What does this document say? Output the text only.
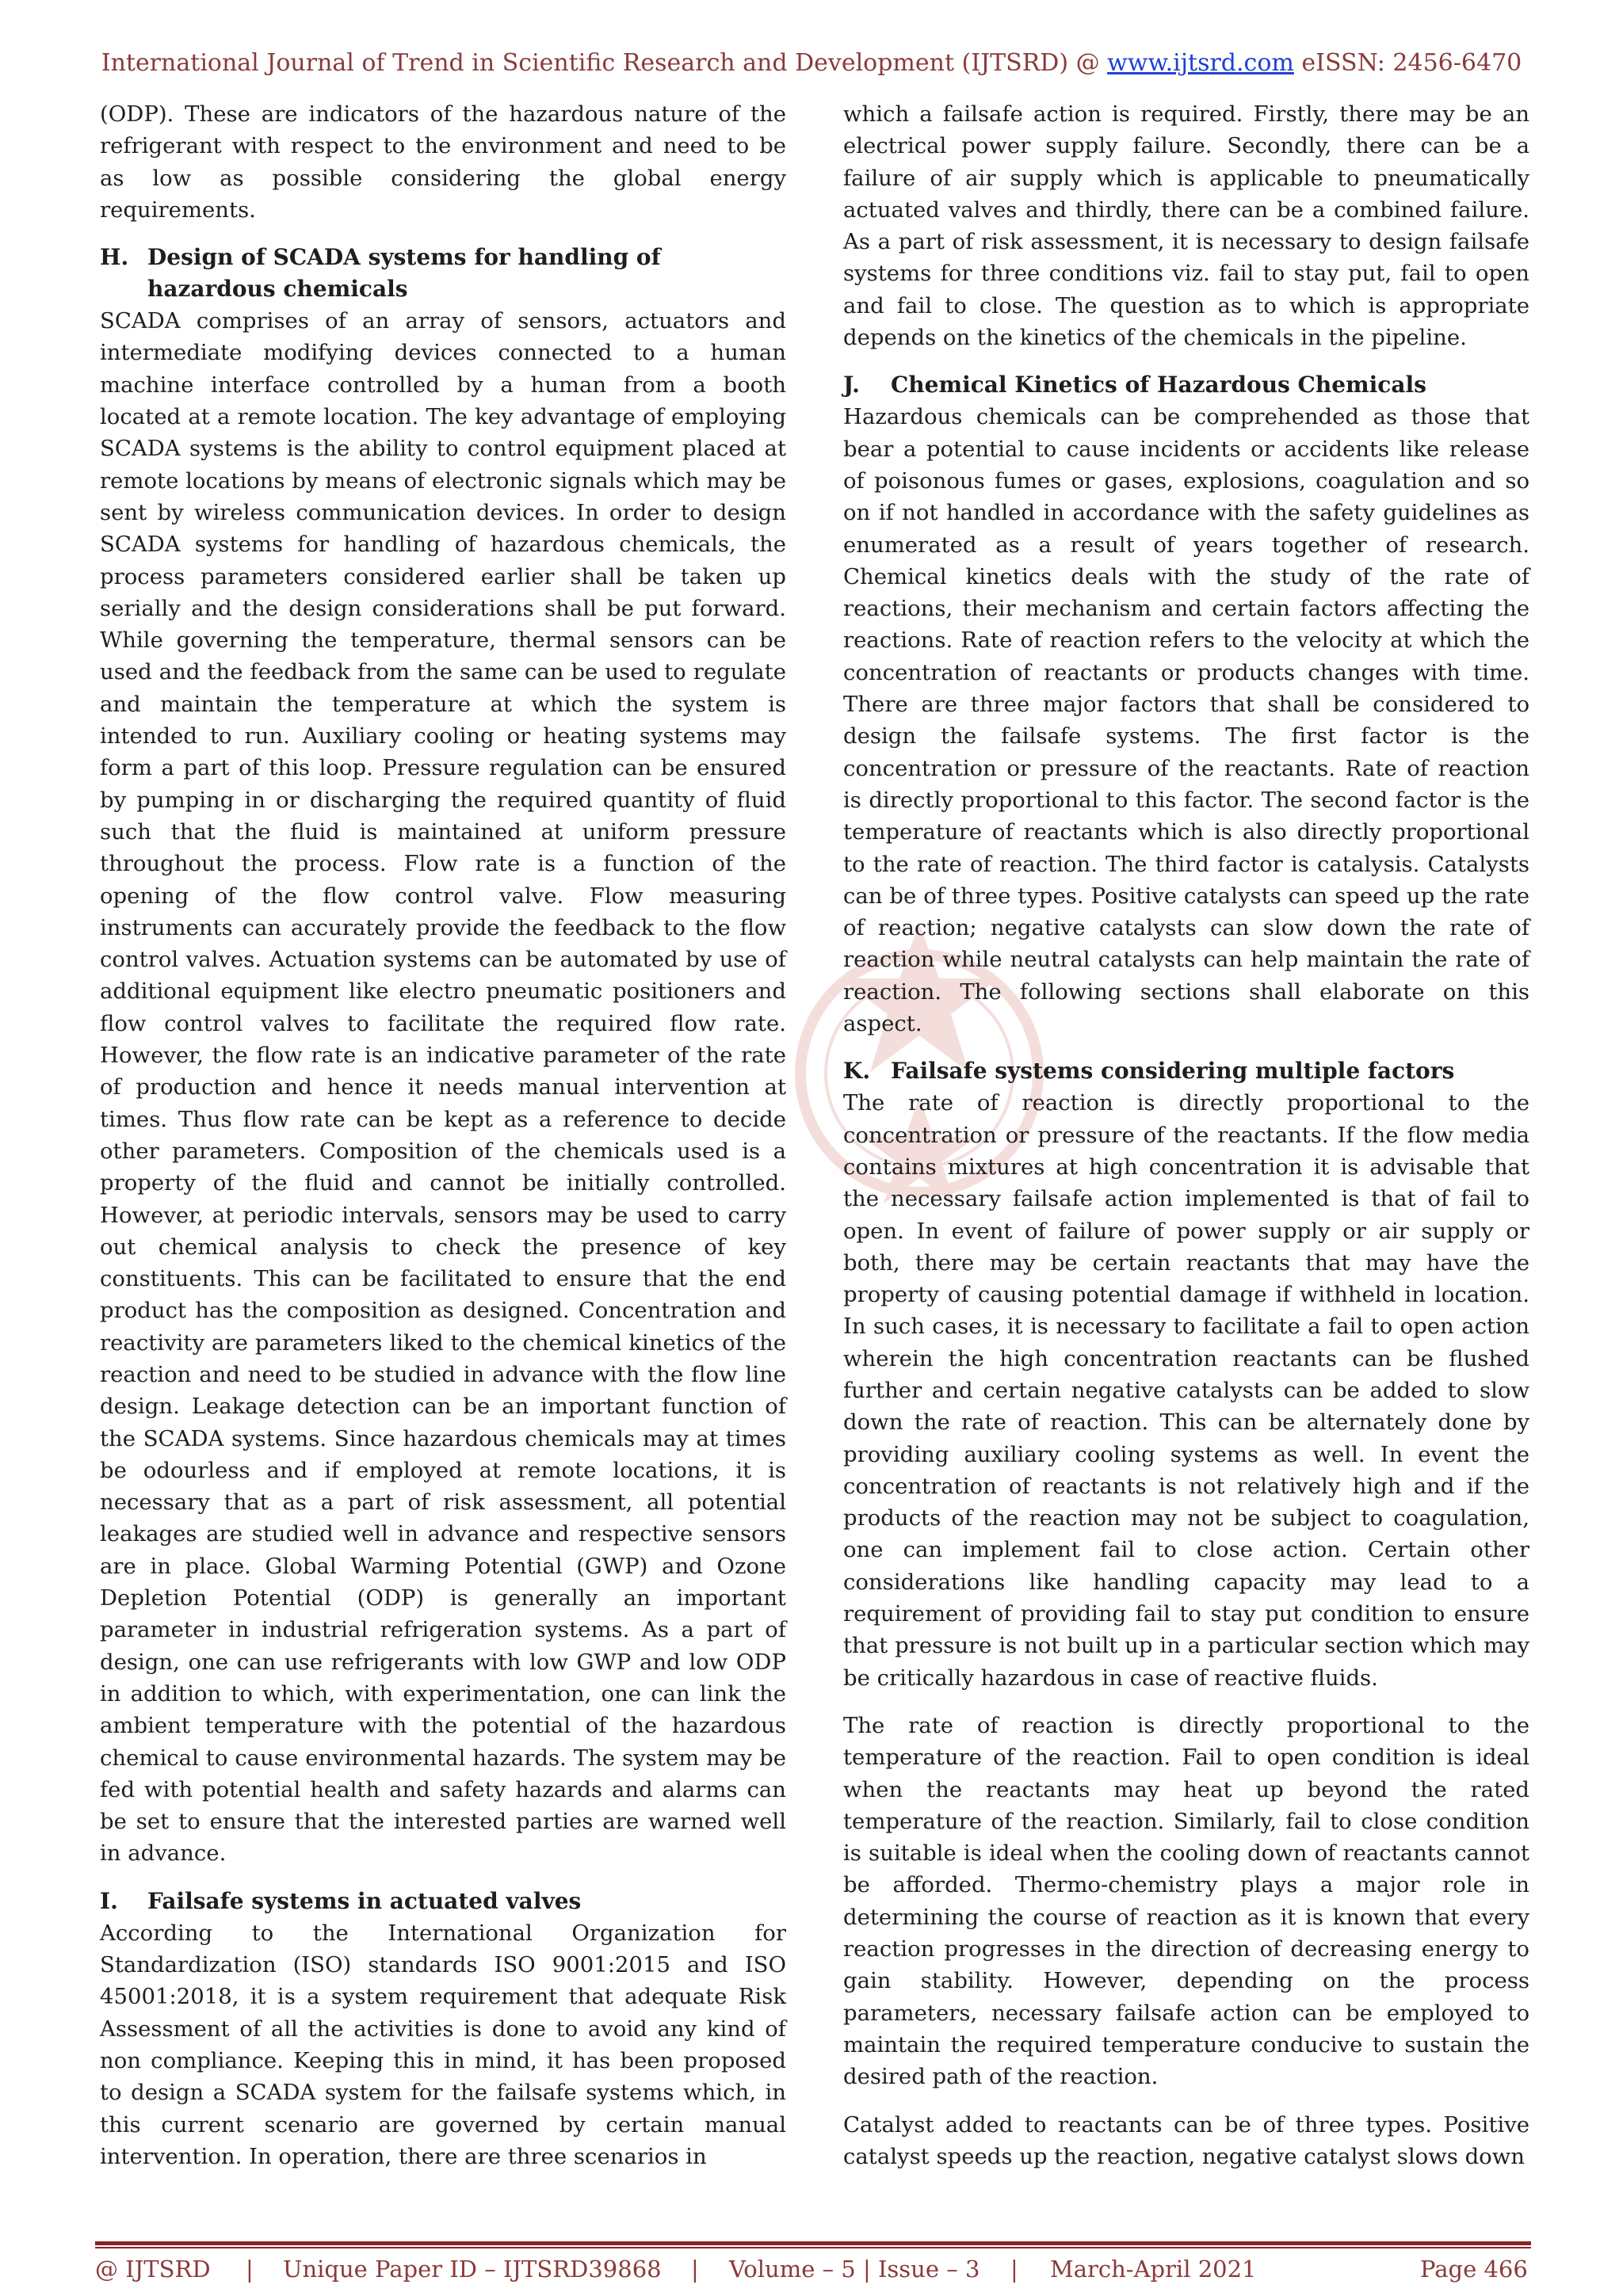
International Journal of Trend in Scientific Research and Development (IJTSRD) @ www.ijtsrd.com eISSN: 2456-6470

(ODP). These are indicators of the hazardous nature of the refrigerant with respect to the environment and need to be as low as possible considering the global energy requirements.

H. Design of SCADA systems for handling of hazardous chemicals

SCADA comprises of an array of sensors, actuators and intermediate modifying devices connected to a human machine interface controlled by a human from a booth located at a remote location. The key advantage of employing SCADA systems is the ability to control equipment placed at remote locations by means of electronic signals which may be sent by wireless communication devices. In order to design SCADA systems for handling of hazardous chemicals, the process parameters considered earlier shall be taken up serially and the design considerations shall be put forward. While governing the temperature, thermal sensors can be used and the feedback from the same can be used to regulate and maintain the temperature at which the system is intended to run. Auxiliary cooling or heating systems may form a part of this loop. Pressure regulation can be ensured by pumping in or discharging the required quantity of fluid such that the fluid is maintained at uniform pressure throughout the process. Flow rate is a function of the opening of the flow control valve. Flow measuring instruments can accurately provide the feedback to the flow control valves. Actuation systems can be automated by use of additional equipment like electro pneumatic positioners and flow control valves to facilitate the required flow rate. However, the flow rate is an indicative parameter of the rate of production and hence it needs manual intervention at times. Thus flow rate can be kept as a reference to decide other parameters. Composition of the chemicals used is a property of the fluid and cannot be initially controlled. However, at periodic intervals, sensors may be used to carry out chemical analysis to check the presence of key constituents. This can be facilitated to ensure that the end product has the composition as designed. Concentration and reactivity are parameters liked to the chemical kinetics of the reaction and need to be studied in advance with the flow line design. Leakage detection can be an important function of the SCADA systems. Since hazardous chemicals may at times be odourless and if employed at remote locations, it is necessary that as a part of risk assessment, all potential leakages are studied well in advance and respective sensors are in place. Global Warming Potential (GWP) and Ozone Depletion Potential (ODP) is generally an important parameter in industrial refrigeration systems. As a part of design, one can use refrigerants with low GWP and low ODP in addition to which, with experimentation, one can link the ambient temperature with the potential of the hazardous chemical to cause environmental hazards. The system may be fed with potential health and safety hazards and alarms can be set to ensure that the interested parties are warned well in advance.

I. Failsafe systems in actuated valves

According to the International Organization for Standardization (ISO) standards ISO 9001:2015 and ISO 45001:2018, it is a system requirement that adequate Risk Assessment of all the activities is done to avoid any kind of non compliance. Keeping this in mind, it has been proposed to design a SCADA system for the failsafe systems which, in this current scenario are governed by certain manual intervention. In operation, there are three scenarios in

which a failsafe action is required. Firstly, there may be an electrical power supply failure. Secondly, there can be a failure of air supply which is applicable to pneumatically actuated valves and thirdly, there can be a combined failure. As a part of risk assessment, it is necessary to design failsafe systems for three conditions viz. fail to stay put, fail to open and fail to close. The question as to which is appropriate depends on the kinetics of the chemicals in the pipeline.

J. Chemical Kinetics of Hazardous Chemicals

Hazardous chemicals can be comprehended as those that bear a potential to cause incidents or accidents like release of poisonous fumes or gases, explosions, coagulation and so on if not handled in accordance with the safety guidelines as enumerated as a result of years together of research. Chemical kinetics deals with the study of the rate of reactions, their mechanism and certain factors affecting the reactions. Rate of reaction refers to the velocity at which the concentration of reactants or products changes with time. There are three major factors that shall be considered to design the failsafe systems. The first factor is the concentration or pressure of the reactants. Rate of reaction is directly proportional to this factor. The second factor is the temperature of reactants which is also directly proportional to the rate of reaction. The third factor is catalysis. Catalysts can be of three types. Positive catalysts can speed up the rate of reaction; negative catalysts can slow down the rate of reaction while neutral catalysts can help maintain the rate of reaction. The following sections shall elaborate on this aspect.

K. Failsafe systems considering multiple factors

The rate of reaction is directly proportional to the concentration or pressure of the reactants. If the flow media contains mixtures at high concentration it is advisable that the necessary failsafe action implemented is that of fail to open. In event of failure of power supply or air supply or both, there may be certain reactants that may have the property of causing potential damage if withheld in location. In such cases, it is necessary to facilitate a fail to open action wherein the high concentration reactants can be flushed further and certain negative catalysts can be added to slow down the rate of reaction. This can be alternately done by providing auxiliary cooling systems as well. In event the concentration of reactants is not relatively high and if the products of the reaction may not be subject to coagulation, one can implement fail to close action. Certain other considerations like handling capacity may lead to a requirement of providing fail to stay put condition to ensure that pressure is not built up in a particular section which may be critically hazardous in case of reactive fluids.

The rate of reaction is directly proportional to the temperature of the reaction. Fail to open condition is ideal when the reactants may heat up beyond the rated temperature of the reaction. Similarly, fail to close condition is suitable is ideal when the cooling down of reactants cannot be afforded. Thermo-chemistry plays a major role in determining the course of reaction as it is known that every reaction progresses in the direction of decreasing energy to gain stability. However, depending on the process parameters, necessary failsafe action can be employed to maintain the required temperature conducive to sustain the desired path of the reaction.

Catalyst added to reactants can be of three types. Positive catalyst speeds up the reaction, negative catalyst slows down

@ IJTSRD | Unique Paper ID – IJTSRD39868 | Volume – 5 | Issue – 3 | March-April 2021	Page 466
